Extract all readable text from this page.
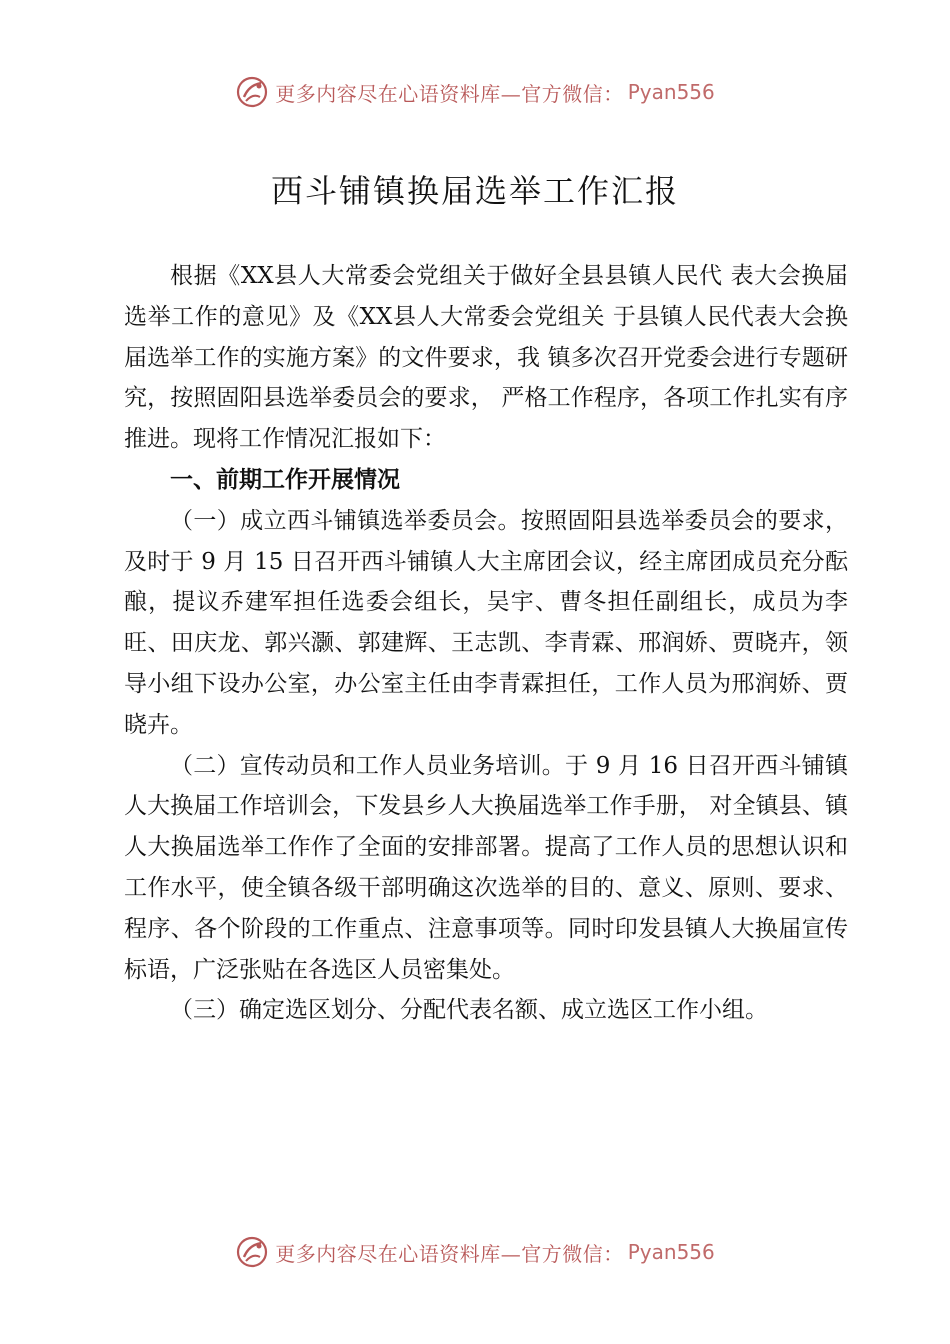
更多内容尽在心语资料库—官方微信： Pyan556
西斗铺镇换届选举工作汇报

根据《XX县人大常委会党组关于做好全县县镇人民代 表大会换届选举工作的意见》及《XX县人大常委会党组关 于县镇人民代表大会换届选举工作的实施方案》的文件要求，我 镇多次召开党委会进行专题研究，按照固阳县选举委员会的要求， 严格工作程序，各项工作扎实有序推进。现将工作情况汇报如下：

一、前期工作开展情况

（一）成立西斗铺镇选举委员会。按照固阳县选举委员会的要求，及时于 9 月 15 日召开西斗铺镇人大主席团会议，经主席团成员充分酝酿，提议乔建军担任选委会组长，吴宇、曹冬担任副组长，成员为李旺、田庆龙、郭兴灏、郭建辉、王志凯、李青霖、邢润娇、贾晓卉，领导小组下设办公室，办公室主任由李青霖担任，工作人员为邢润娇、贾晓卉。

（二）宣传动员和工作人员业务培训。于 9 月 16 日召开西斗铺镇人大换届工作培训会，下发县乡人大换届选举工作手册， 对全镇县、镇人大换届选举工作作了全面的安排部署。提高了工作人员的思想认识和工作水平，使全镇各级干部明确这次选举的目的、意义、原则、要求、程序、各个阶段的工作重点、注意事项等。同时印发县镇人大换届宣传标语，广泛张贴在各选区人员密集处。

（三）确定选区划分、分配代表名额、成立选区工作小组。

更多内容尽在心语资料库—官方微信： Pyan556
